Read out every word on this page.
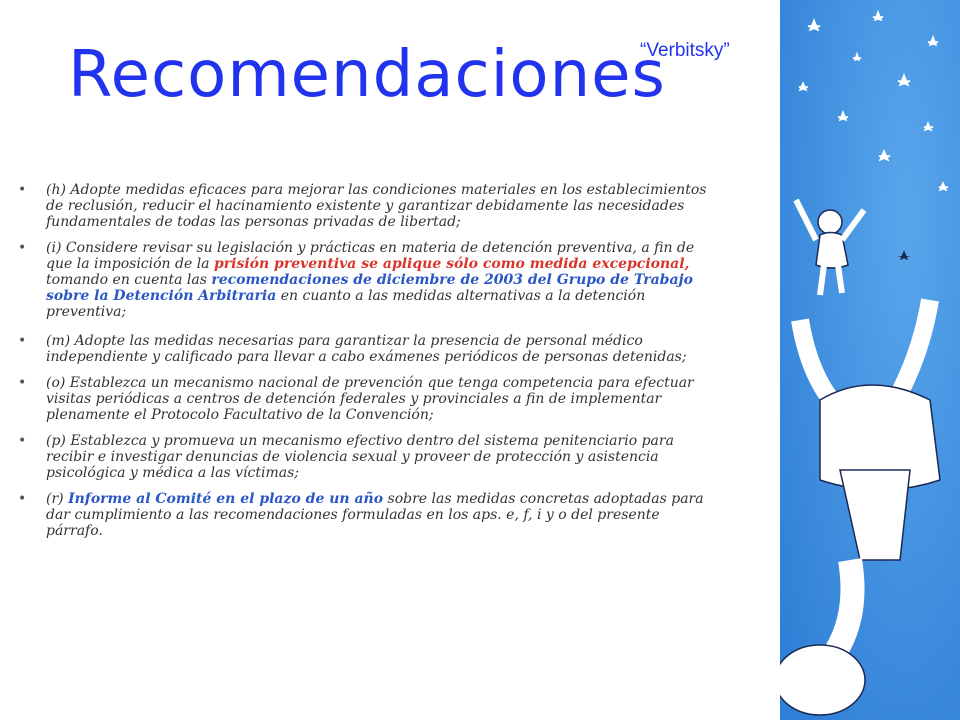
Recomendaciones
“Verbitsky”
•	(h) Adopte medidas eficaces para mejorar las condiciones materiales en los establecimientos de reclusión, reducir el hacinamiento existente y garantizar debidamente las necesidades fundamentales de todas las personas privadas de libertad;
•	(i) Considere revisar su legislación y prácticas en materia de detención preventiva, a fin de que la imposición de la prisión preventiva se aplique sólo como medida excepcional, tomando en cuenta las recomendaciones de diciembre de 2003 del Grupo de Trabajo sobre la Detención Arbitraria en cuanto a las medidas alternativas a la detención preventiva;
•	(m) Adopte las medidas necesarias para garantizar la presencia de personal médico independiente y calificado para llevar a cabo exámenes periódicos de personas detenidas;
•	(o) Establezca un mecanismo nacional de prevención que tenga competencia para efectuar visitas periódicas a centros de detención federales y provinciales a fin de implementar plenamente el Protocolo Facultativo de la Convención;
•	(p) Establezca y promueva un mecanismo efectivo dentro del sistema penitenciario para recibir e investigar denuncias de violencia sexual y proveer de protección y asistencia psicológica y médica a las víctimas;
•	(r) Informe al Comité en el plazo de un año sobre las medidas concretas adoptadas para dar cumplimiento a las recomendaciones formuladas en los aps. e, f, i y o del presente párrafo.
